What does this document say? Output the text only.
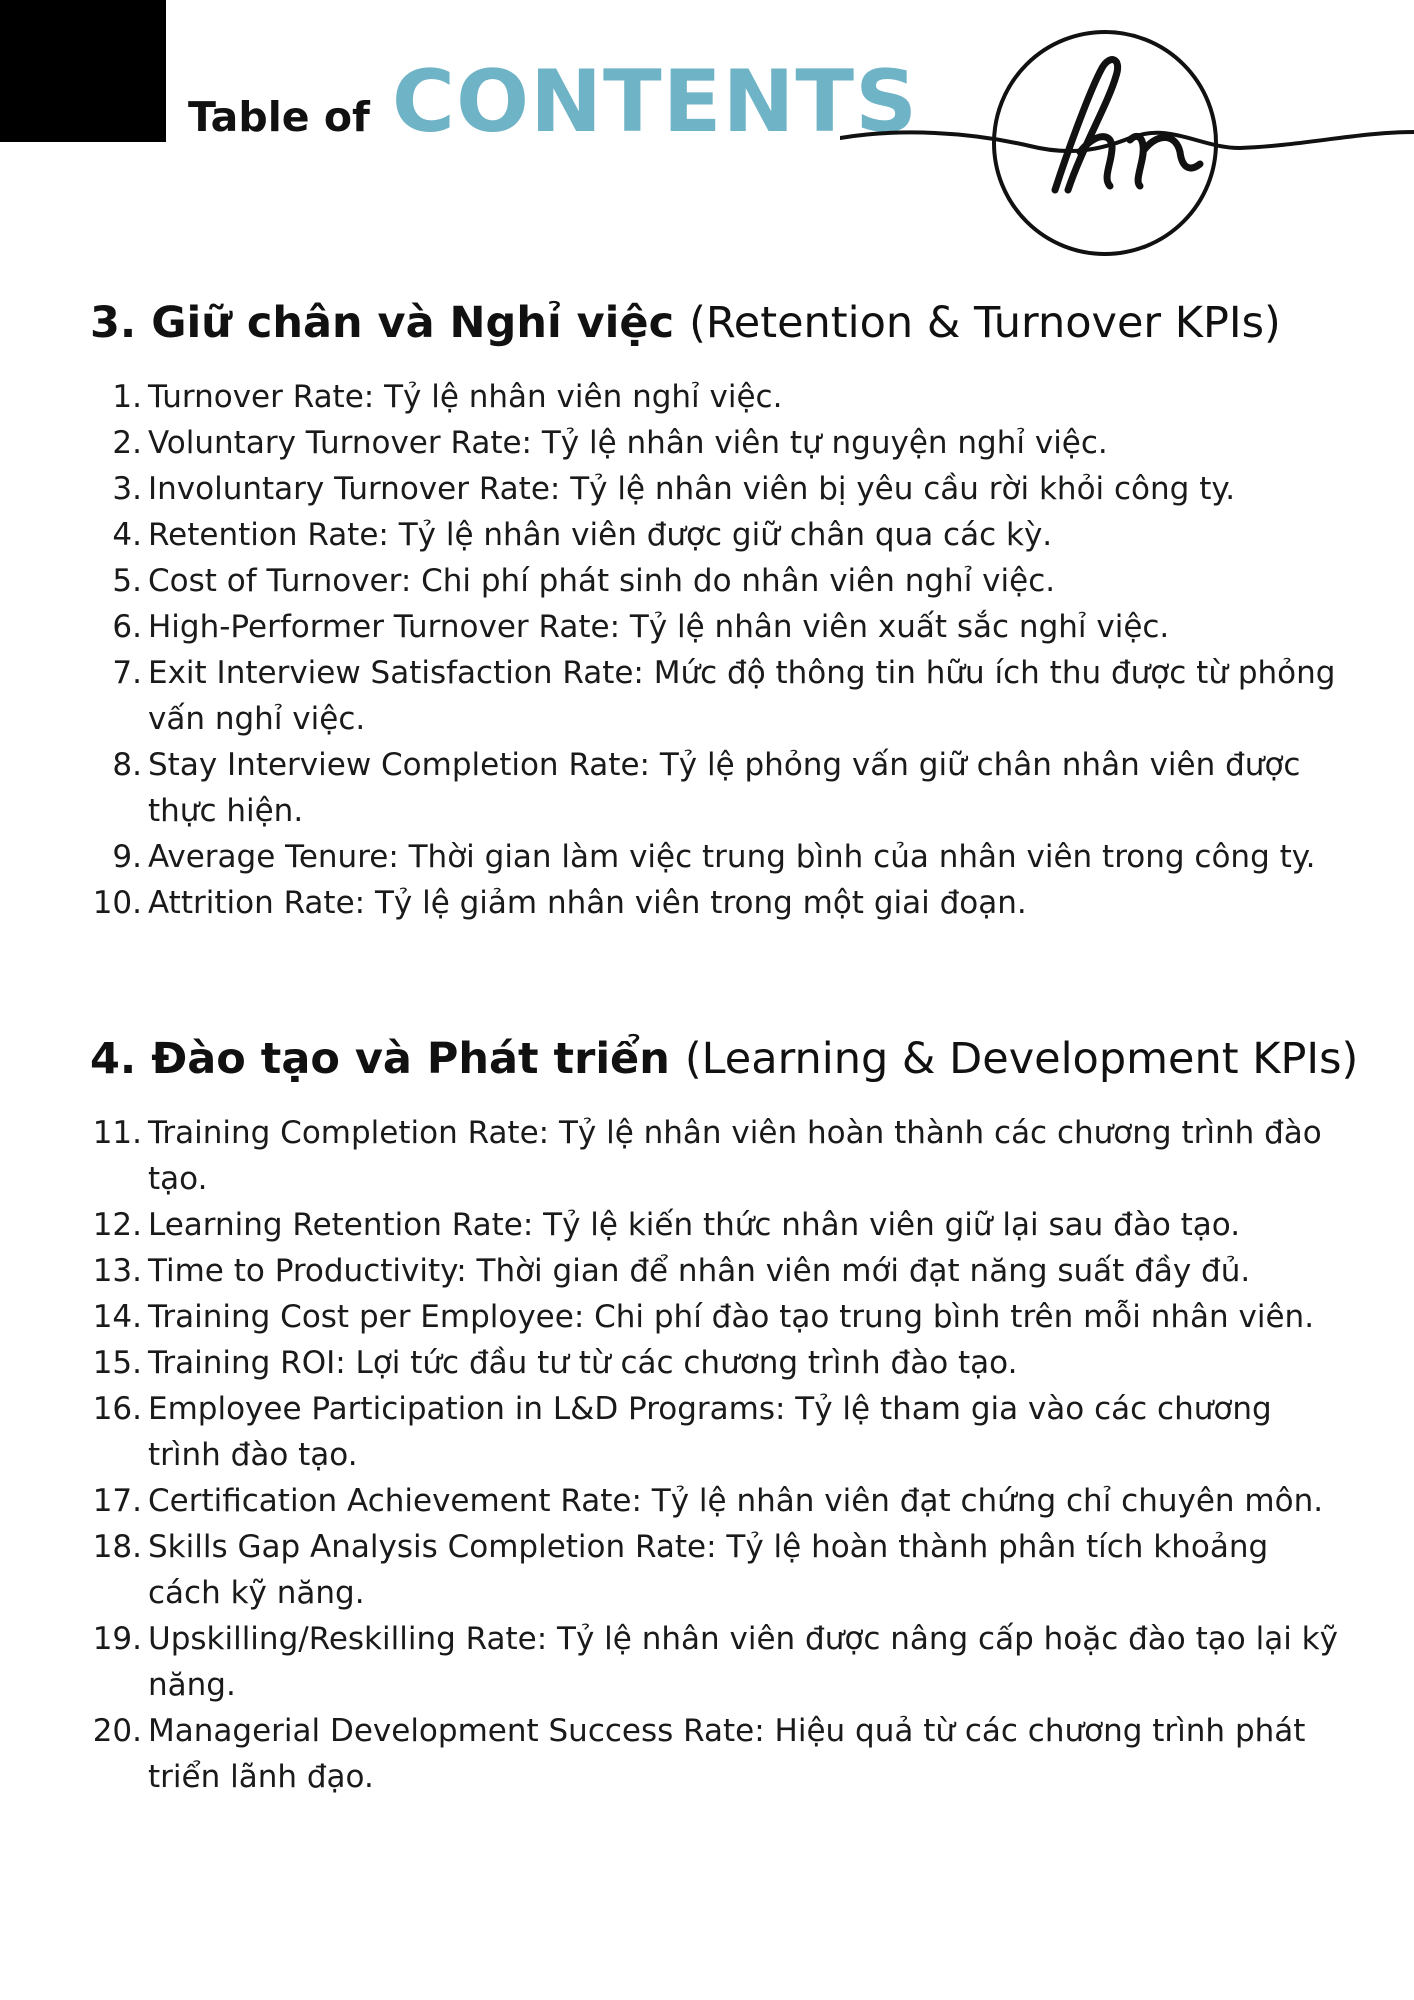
Table of CONTENTS
3. Giữ chân và Nghỉ việc (Retention & Turnover KPIs)
1. Turnover Rate: Tỷ lệ nhân viên nghỉ việc.
2. Voluntary Turnover Rate: Tỷ lệ nhân viên tự nguyện nghỉ việc.
3. Involuntary Turnover Rate: Tỷ lệ nhân viên bị yêu cầu rời khỏi công ty.
4. Retention Rate: Tỷ lệ nhân viên được giữ chân qua các kỳ.
5. Cost of Turnover: Chi phí phát sinh do nhân viên nghỉ việc.
6. High-Performer Turnover Rate: Tỷ lệ nhân viên xuất sắc nghỉ việc.
7. Exit Interview Satisfaction Rate: Mức độ thông tin hữu ích thu được từ phỏng vấn nghỉ việc.
8. Stay Interview Completion Rate: Tỷ lệ phỏng vấn giữ chân nhân viên được thực hiện.
9. Average Tenure: Thời gian làm việc trung bình của nhân viên trong công ty.
10. Attrition Rate: Tỷ lệ giảm nhân viên trong một giai đoạn.
4. Đào tạo và Phát triển (Learning & Development KPIs)
11. Training Completion Rate: Tỷ lệ nhân viên hoàn thành các chương trình đào tạo.
12. Learning Retention Rate: Tỷ lệ kiến thức nhân viên giữ lại sau đào tạo.
13. Time to Productivity: Thời gian để nhân viên mới đạt năng suất đầy đủ.
14. Training Cost per Employee: Chi phí đào tạo trung bình trên mỗi nhân viên.
15. Training ROI: Lợi tức đầu tư từ các chương trình đào tạo.
16. Employee Participation in L&D Programs: Tỷ lệ tham gia vào các chương trình đào tạo.
17. Certification Achievement Rate: Tỷ lệ nhân viên đạt chứng chỉ chuyên môn.
18. Skills Gap Analysis Completion Rate: Tỷ lệ hoàn thành phân tích khoảng cách kỹ năng.
19. Upskilling/Reskilling Rate: Tỷ lệ nhân viên được nâng cấp hoặc đào tạo lại kỹ năng.
20. Managerial Development Success Rate: Hiệu quả từ các chương trình phát triển lãnh đạo.
